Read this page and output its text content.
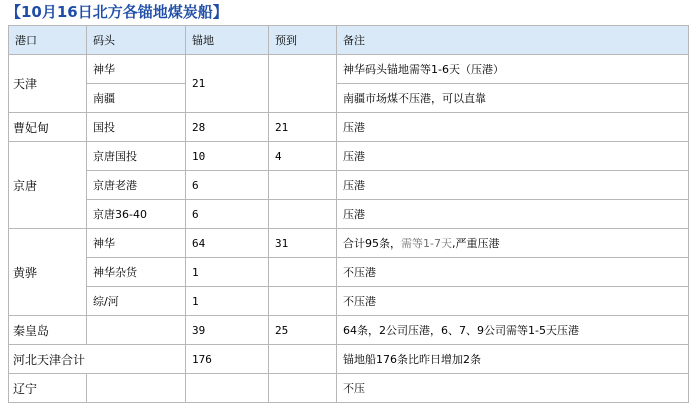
【10月16日北方各锚地煤炭船】
港口	码头	锚地	预到	备注
天津	神华	21		神华码头锚地需等1-6天（压港）
	南疆			南疆市场煤不压港，可以直靠
曹妃甸	国投	28	21	压港
京唐	京唐国投	10	4	压港
	京唐老港	6		压港
	京唐36-40	6		压港
黄骅	神华	64	31	合计95条，需等1-7天,严重压港
	神华杂货	1		不压港
	综/河	1		不压港
秦皇岛		39	25	64条，2公司压港，6、7、9公司需等1-5天压港
河北天津合计		176		锚地船176条比昨日增加2条
辽宁				不压
